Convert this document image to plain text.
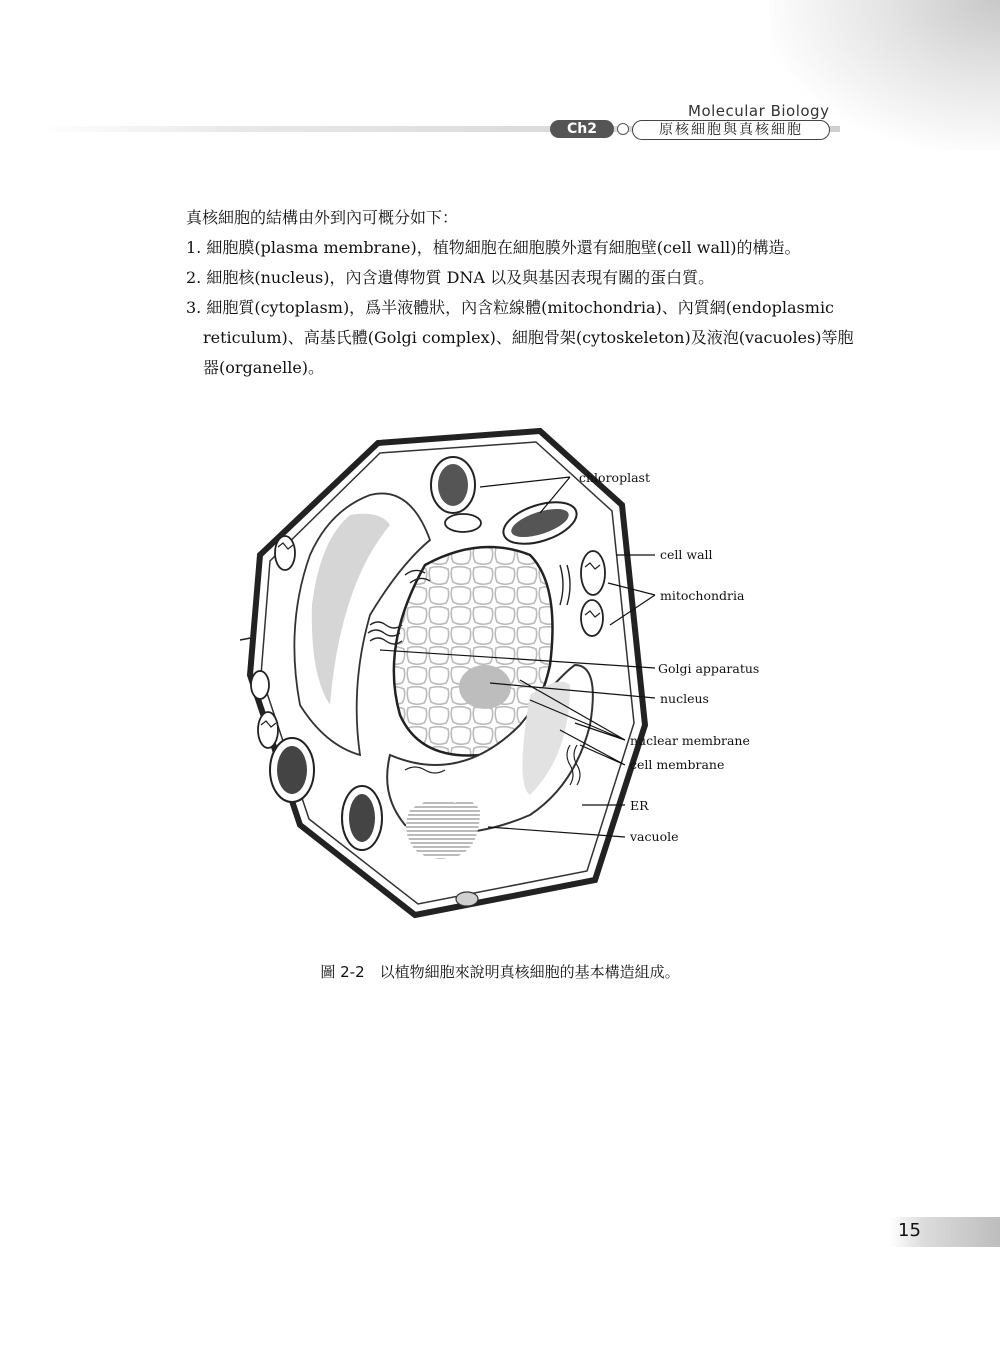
Molecular Biology
Ch2	原核細胞與真核細胞

真核細胞的結構由外到內可概分如下：

1. 細胞膜(plasma membrane)，植物細胞在細胞膜外還有細胞壁(cell wall)的構造。

2. 細胞核(nucleus)，內含遺傳物質 DNA 以及與基因表現有關的蛋白質。

3. 細胞質(cytoplasm)，爲半液體狀，內含粒線體(mitochondria)、內質網(endoplasmic reticulum)、高基氏體(Golgi complex)、細胞骨架(cytoskeleton)及液泡(vacuoles)等胞器(organelle)。

chloroplast
cell wall
mitochondria
Golgi apparatus
nucleus
nuclear membrane
cell membrane
ER
vacuole
圖 2-2　以植物細胞來說明真核細胞的基本構造組成。
15
